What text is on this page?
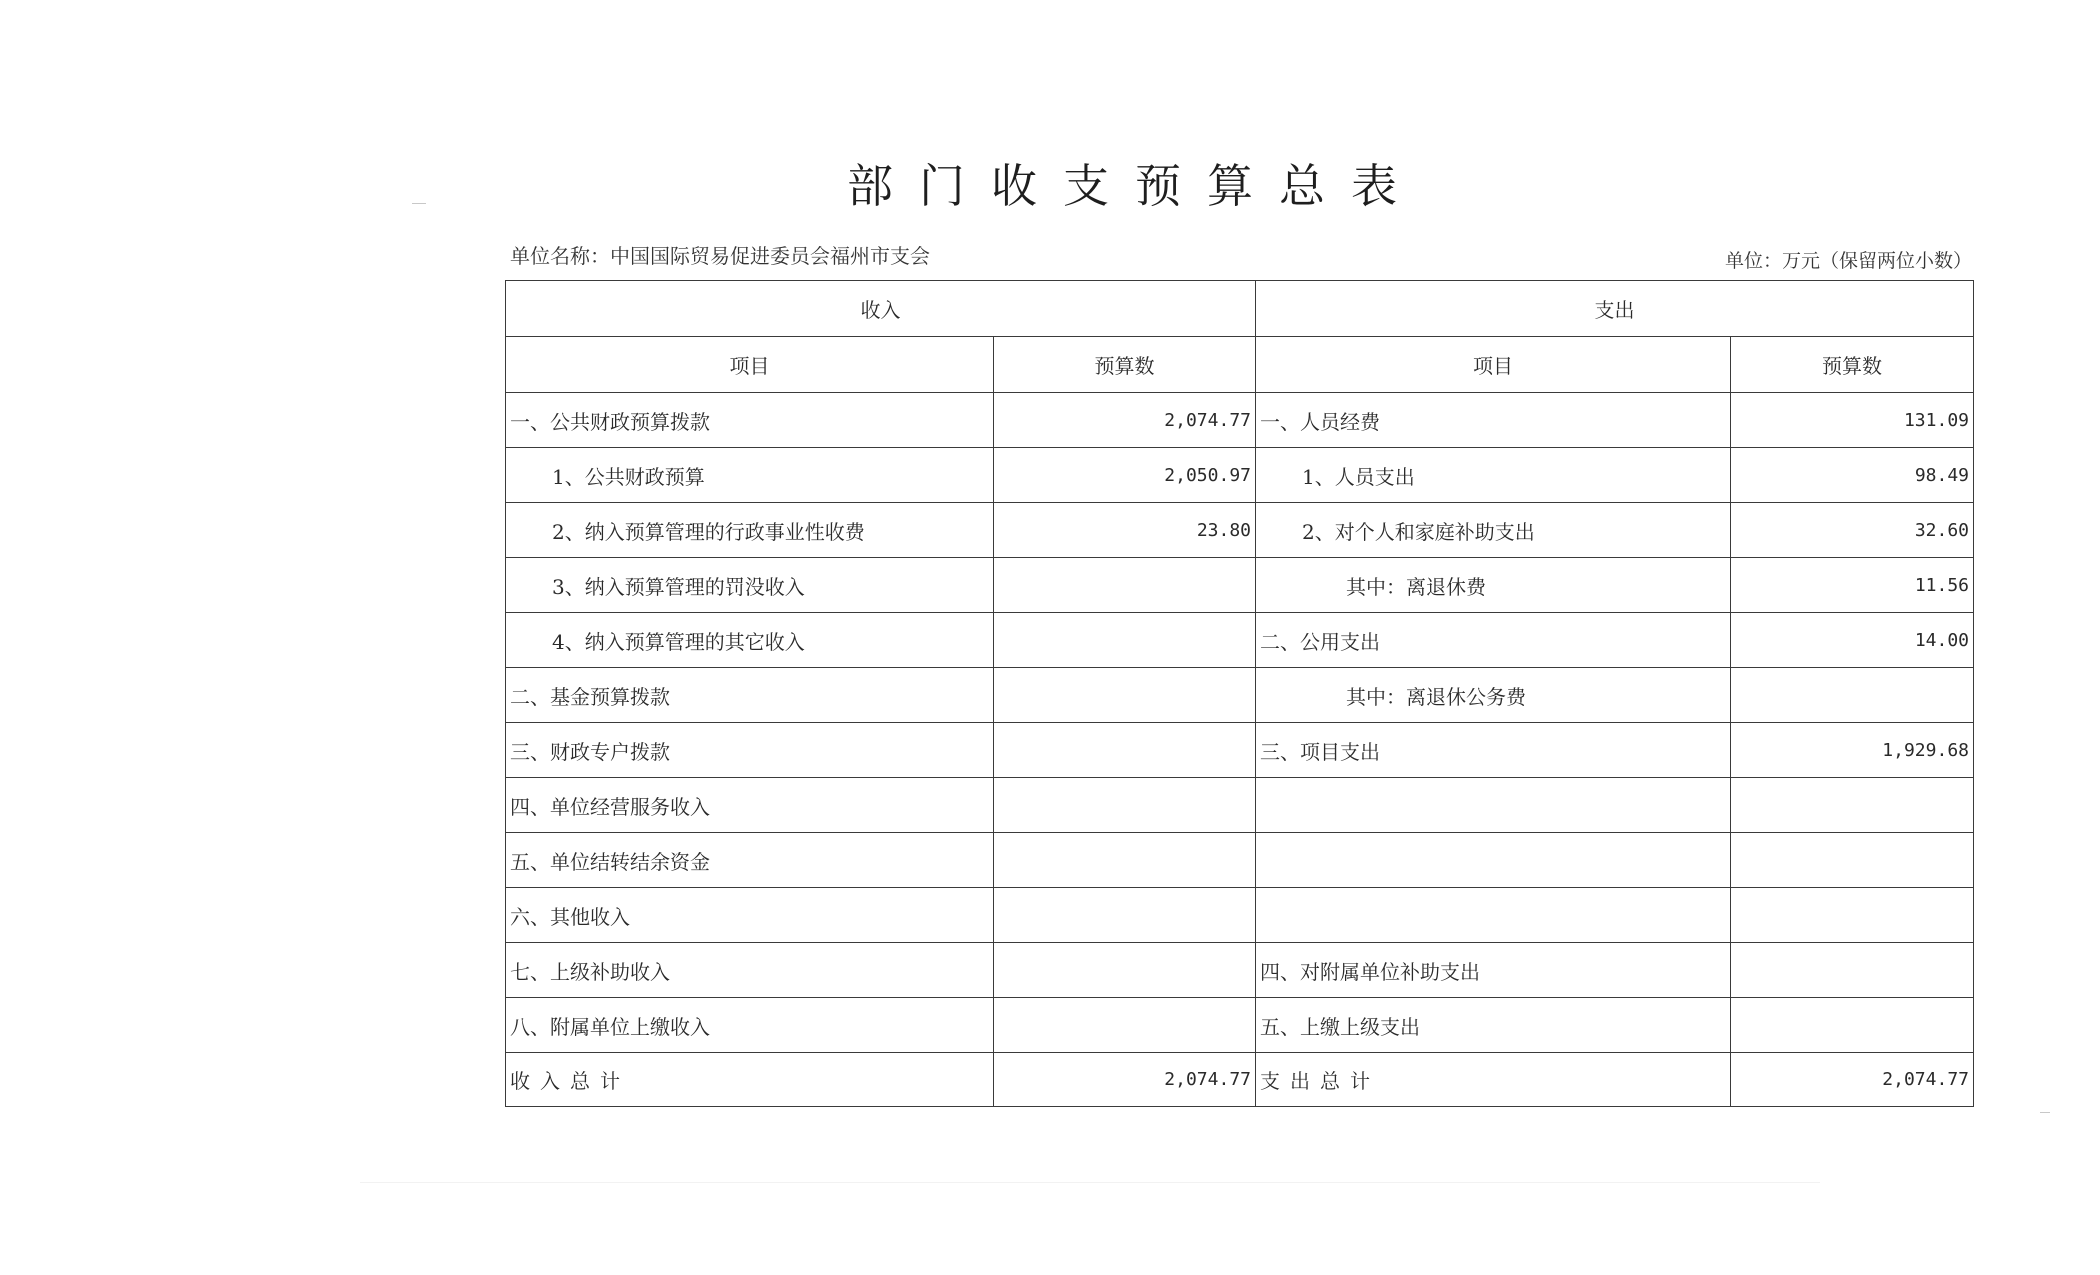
部门收支预算总表
单位名称：中国国际贸易促进委员会福州市支会	单位：万元（保留两位小数）
收入		支出	
项目	预算数	项目	预算数
一、公共财政预算拨款	2,074.77	一、人员经费	131.09
1、公共财政预算	2,050.97	1、人员支出	98.49
2、纳入预算管理的行政事业性收费	23.80	2、对个人和家庭补助支出	32.60
3、纳入预算管理的罚没收入		其中：离退休费	11.56
4、纳入预算管理的其它收入		二、公用支出	14.00
二、基金预算拨款		其中：离退休公务费	
三、财政专户拨款		三、项目支出	1,929.68
四、单位经营服务收入			
五、单位结转结余资金			
六、其他收入			
七、上级补助收入		四、对附属单位补助支出	
八、附属单位上缴收入		五、上缴上级支出	
收入总计	2,074.77	支出总计	2,074.77
